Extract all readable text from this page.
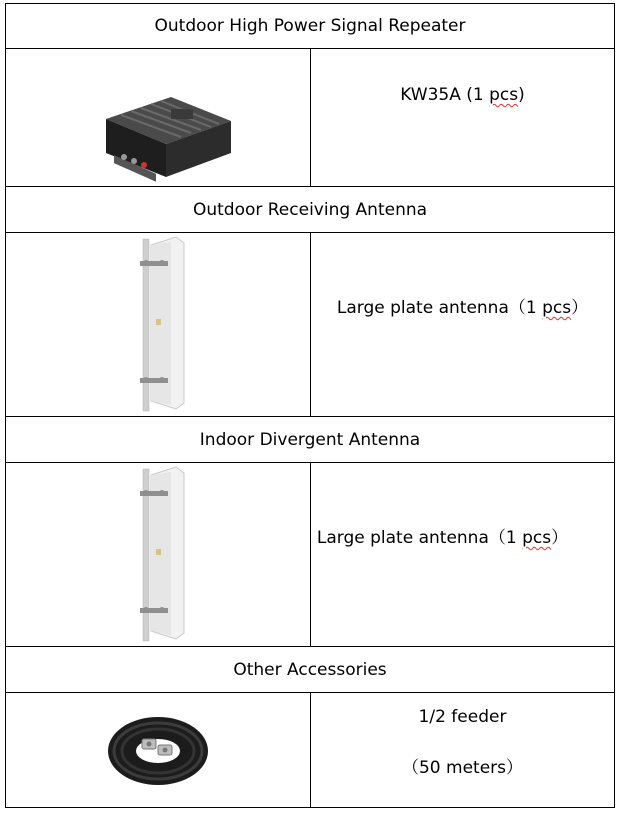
Outdoor High Power Signal Repeater
KW35A (1 pcs)
Outdoor Receiving Antenna
Large plate antenna（1 pcs）
Indoor Divergent Antenna
Large plate antenna（1 pcs）
Other Accessories
1/2 feeder
（50 meters）
